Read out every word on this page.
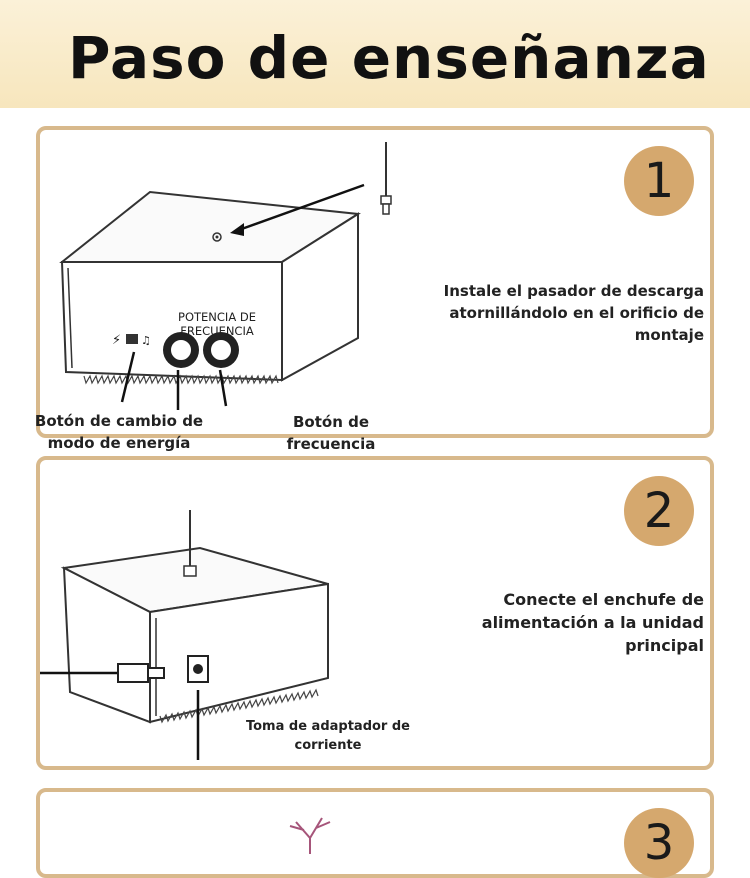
Paso de enseñanza
1
Instale el pasador de descarga atornillándolo en el orificio de montaje
⚡ ♫
POTENCIA DE FRECUENCIA
Botón de cambio de modo de energía
Botón de frecuencia
2
Conecte el enchufe de alimentación a la unidad principal
Toma de adaptador de corriente
3
